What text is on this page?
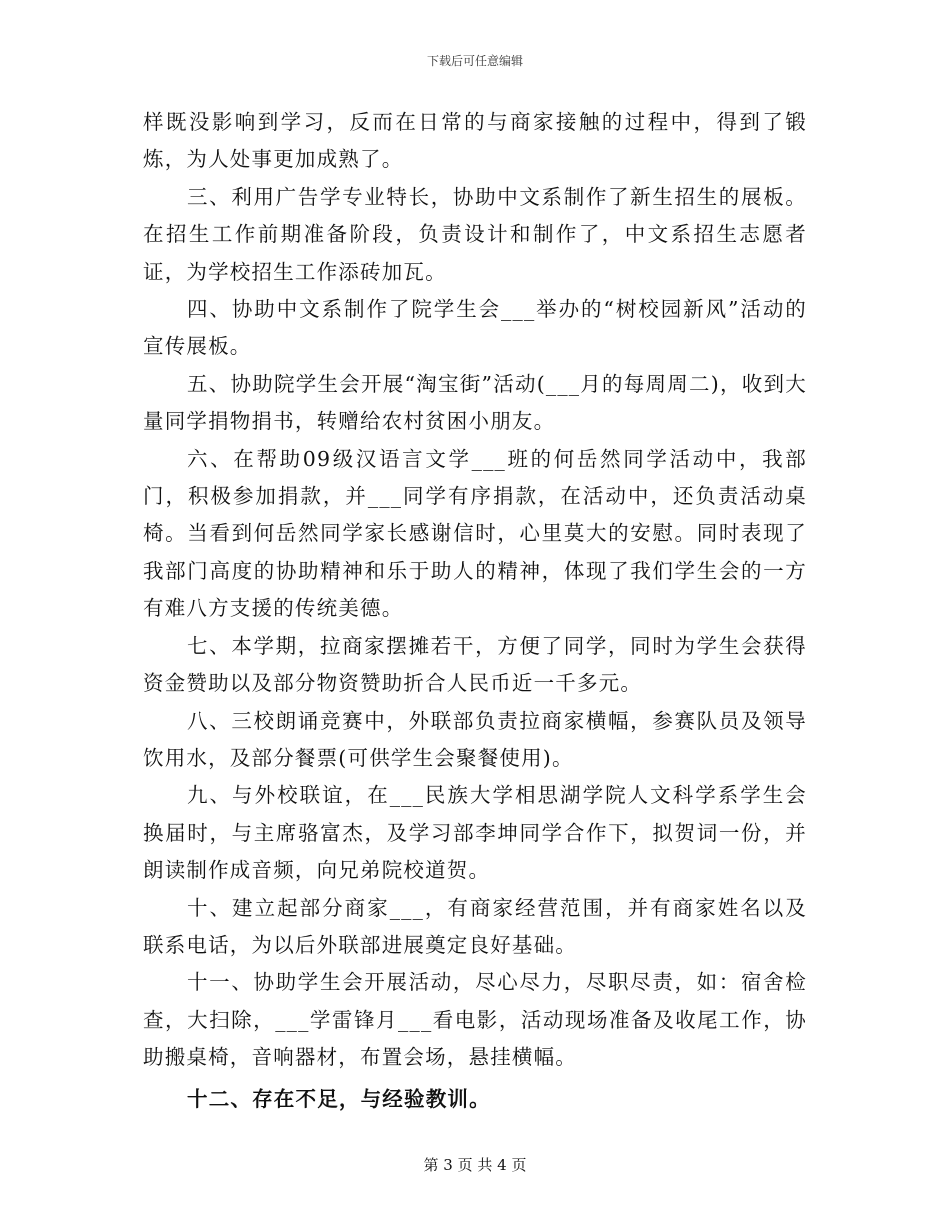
下载后可任意编辑

样既没影响到学习，反而在日常的与商家接触的过程中，得到了锻炼，为人处事更加成熟了。

三、利用广告学专业特长，协助中文系制作了新生招生的展板。在招生工作前期准备阶段，负责设计和制作了，中文系招生志愿者证，为学校招生工作添砖加瓦。

四、协助中文系制作了院学生会___举办的“树校园新风”活动的宣传展板。

五、协助院学生会开展“淘宝街”活动(___月的每周周二)，收到大量同学捐物捐书，转赠给农村贫困小朋友。

六、在帮助09级汉语言文学___班的何岳然同学活动中，我部门，积极参加捐款，并___同学有序捐款，在活动中，还负责活动桌椅。当看到何岳然同学家长感谢信时，心里莫大的安慰。同时表现了我部门高度的协助精神和乐于助人的精神，体现了我们学生会的一方有难八方支援的传统美德。

七、本学期，拉商家摆摊若干，方便了同学，同时为学生会获得资金赞助以及部分物资赞助折合人民币近一千多元。

八、三校朗诵竞赛中，外联部负责拉商家横幅，参赛队员及领导饮用水，及部分餐票(可供学生会聚餐使用)。

九、与外校联谊，在___民族大学相思湖学院人文科学系学生会换届时，与主席骆富杰，及学习部李坤同学合作下，拟贺词一份，并朗读制作成音频，向兄弟院校道贺。

十、建立起部分商家___，有商家经营范围，并有商家姓名以及联系电话，为以后外联部进展奠定良好基础。

十一、协助学生会开展活动，尽心尽力，尽职尽责，如：宿舍检查，大扫除，___学雷锋月___看电影，活动现场准备及收尾工作，协助搬桌椅，音响器材，布置会场，悬挂横幅。

十二、存在不足，与经验教训。

第 3 页 共 4 页
